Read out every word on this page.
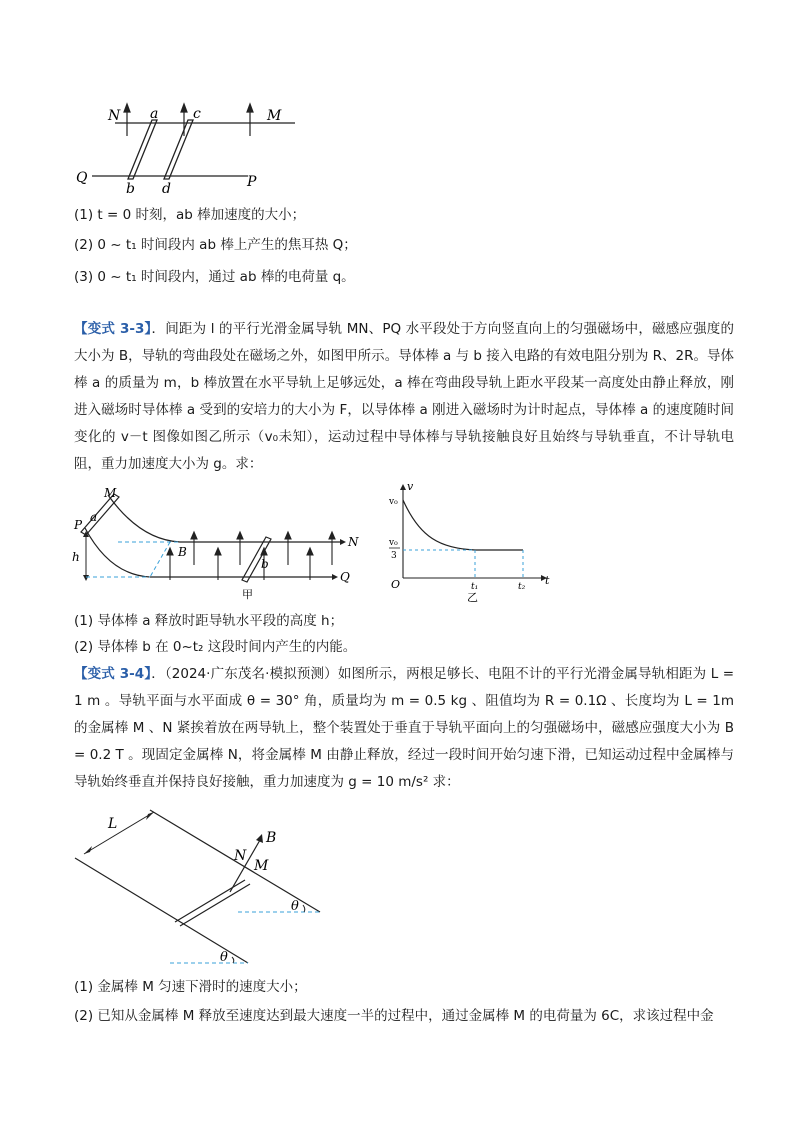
N a c	M
Q
b d	P
(1) t = 0 时刻，ab 棒加速度的大小；
(2) 0 ~ t₁ 时间段内 ab 棒上产生的焦耳热 Q；
(3) 0 ~ t₁ 时间段内，通过 ab 棒的电荷量 q。
【变式 3-3】．间距为 l 的平行光滑金属导轨 MN、PQ 水平段处于方向竖直向上的匀强磁场中，磁感应强度的大小为 B，导轨的弯曲段处在磁场之外，如图甲所示。导体棒 a 与 b 接入电路的有效电阻分别为 R、2R。导体棒 a 的质量为 m，b 棒放置在水平导轨上足够远处，a 棒在弯曲段导轨上距水平段某一高度处由静止释放，刚进入磁场时导体棒 a 受到的安培力的大小为 F，以导体棒 a 刚进入磁场时为计时起点，导体棒 a 的速度随时间变化的 v－t 图像如图乙所示（v₀未知），运动过程中导体棒与导轨接触良好且始终与导轨垂直，不计导轨电阻，重力加速度大小为 g。求：
M
a
P
h	B
b
N
Q
甲
v
v₀
v₀
3
O	t₁	t₂ t
乙
(1) 导体棒 a 释放时距导轨水平段的高度 h；
(2) 导体棒 b 在 0~t₂ 这段时间内产生的内能。
【变式 3-4】．（2024·广东茂名·模拟预测）如图所示，两根足够长、电阻不计的平行光滑金属导轨相距为 L = 1 m 。导轨平面与水平面成 θ = 30° 角，质量均为 m = 0.5 kg 、阻值均为 R = 0.1Ω 、长度均为 L = 1m 的金属棒 M 、N 紧挨着放在两导轨上，整个装置处于垂直于导轨平面向上的匀强磁场中，磁感应强度大小为 B = 0.2 T 。现固定金属棒 N，将金属棒 M 由静止释放，经过一段时间开始匀速下滑，已知运动过程中金属棒与导轨始终垂直并保持良好接触，重力加速度为 g = 10 m/s² 求：
L
B
N
M
θ
θ
(1) 金属棒 M 匀速下滑时的速度大小；
(2) 已知从金属棒 M 释放至速度达到最大速度一半的过程中，通过金属棒 M 的电荷量为 6C，求该过程中金
